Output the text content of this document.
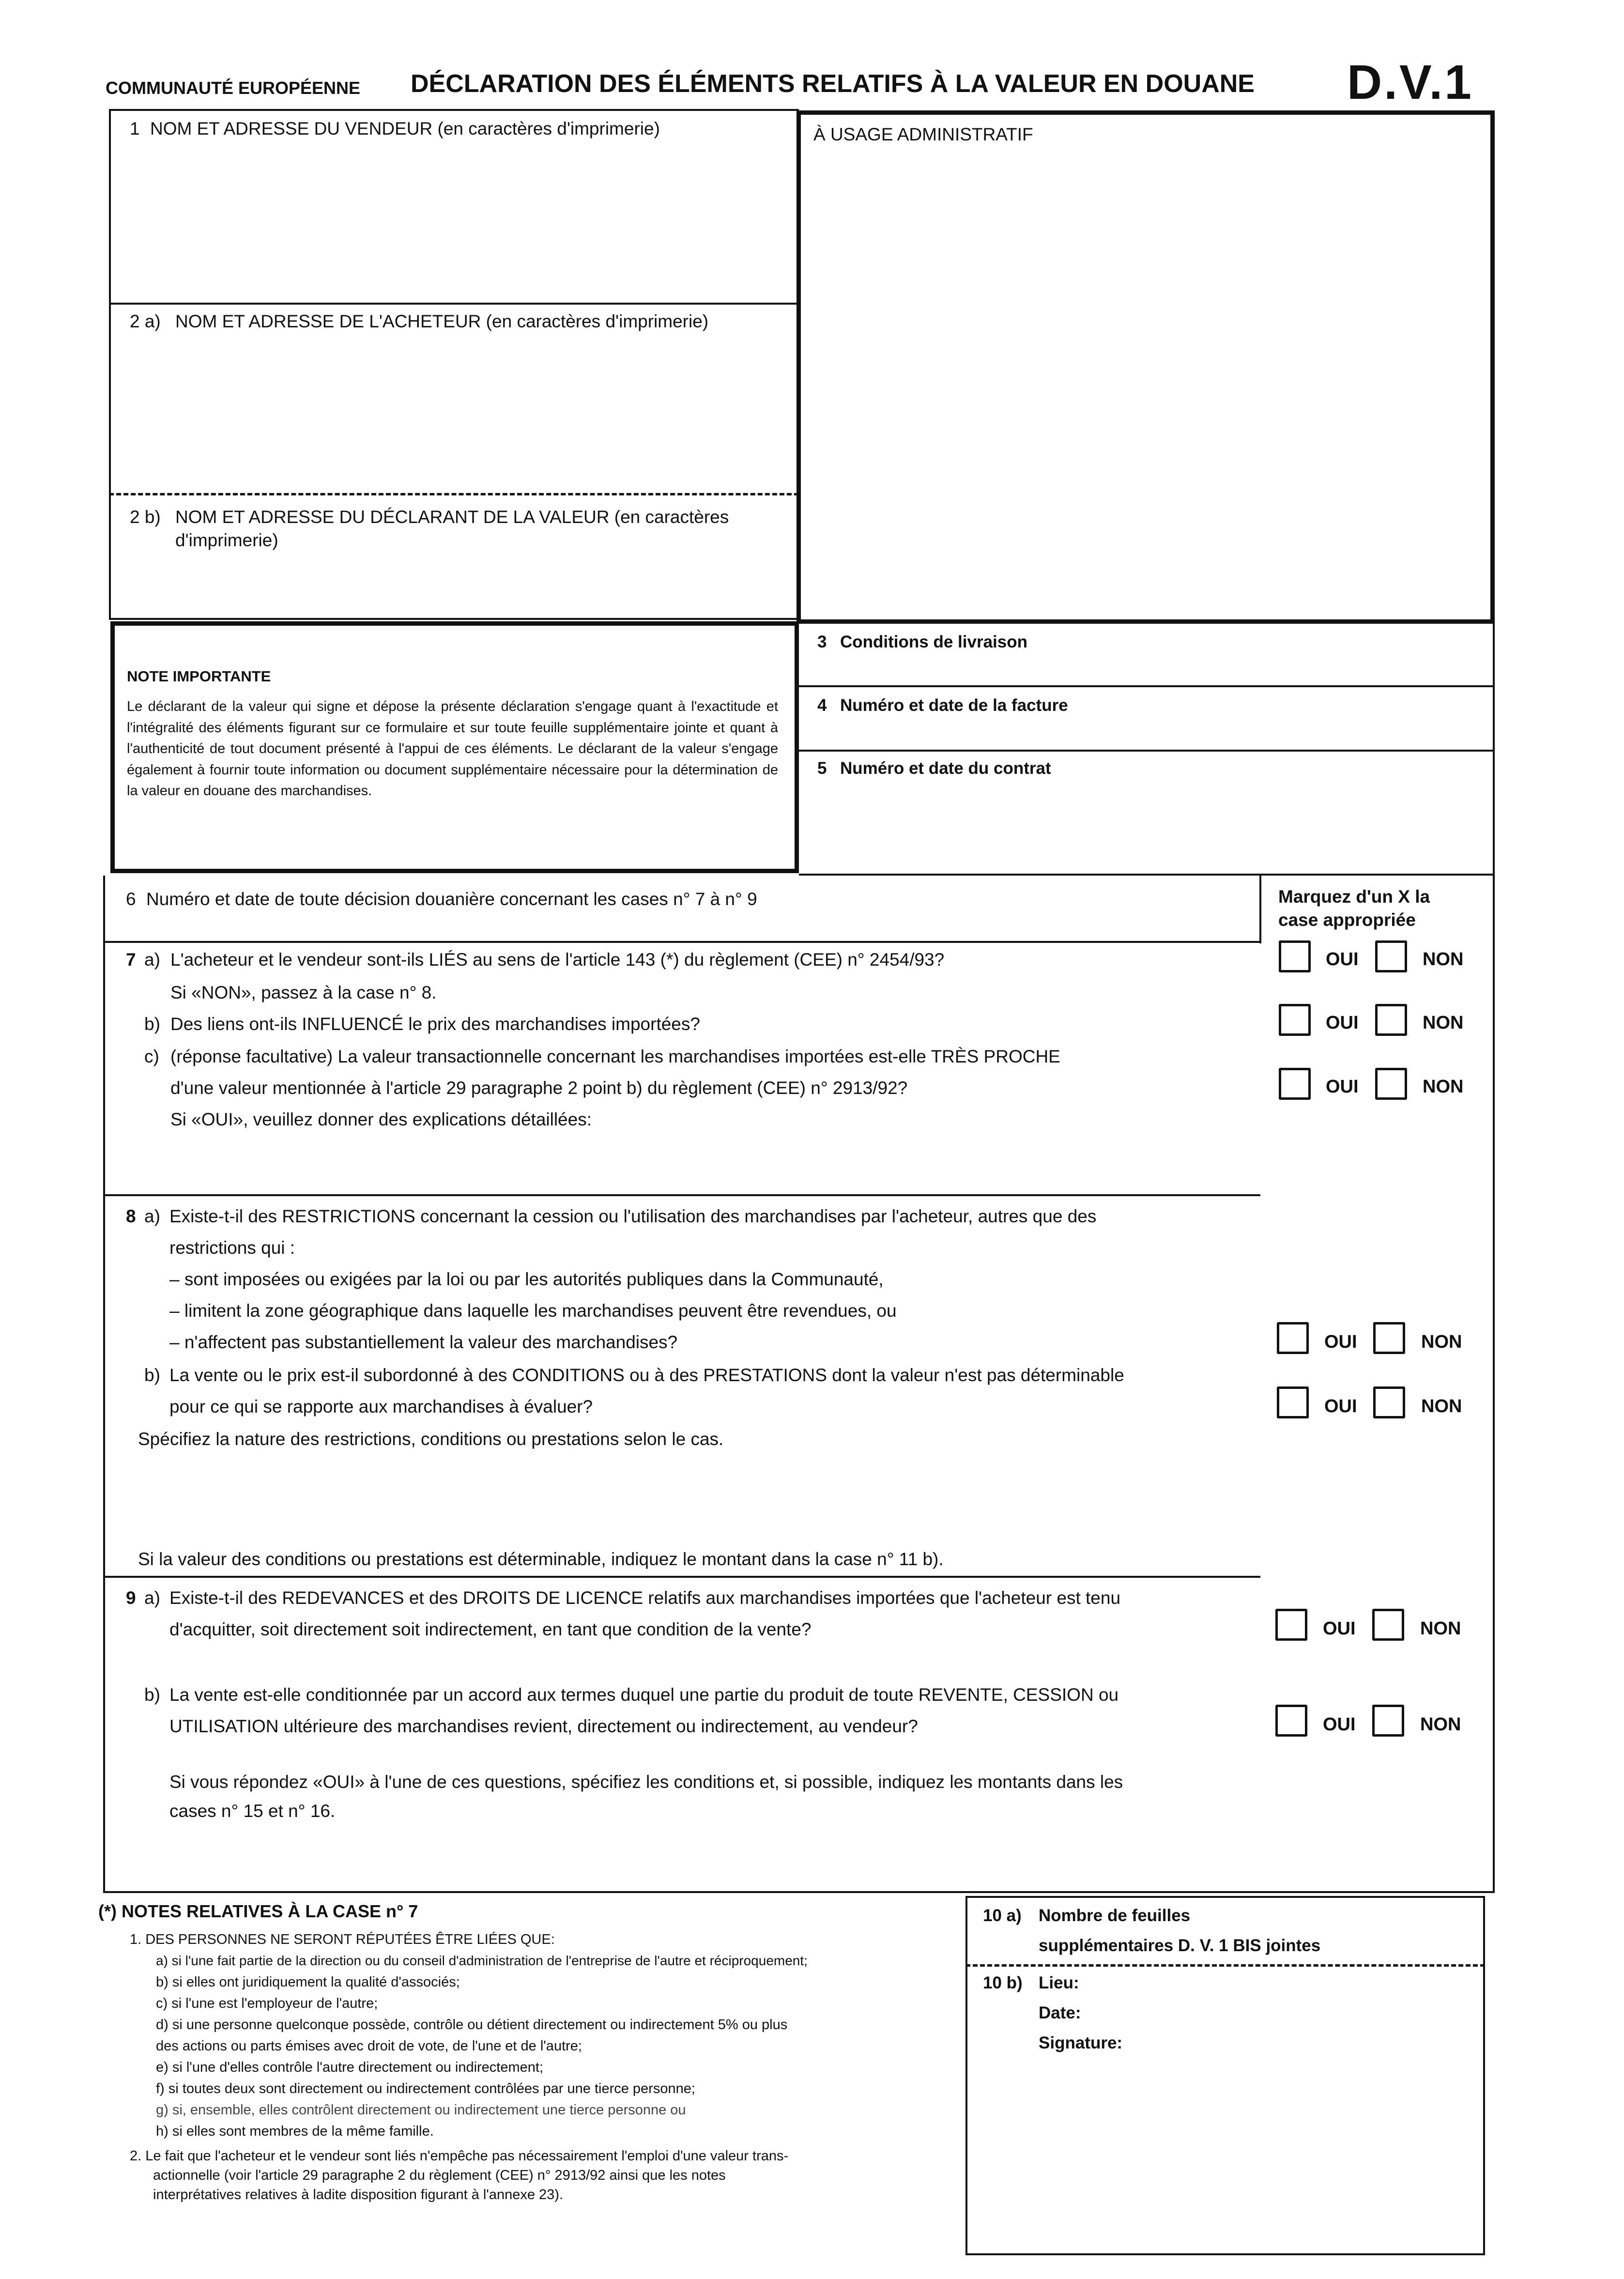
COMMUNAUTÉ EUROPÉENNE DÉCLARATION DES ÉLÉMENTS RELATIFS À LA VALEUR EN DOUANE D.V.1
1 NOM ET ADRESSE DU VENDEUR (en caractères d'imprimerie)	À USAGE ADMINISTRATIF
2 a) NOM ET ADRESSE DE L'ACHETEUR (en caractères d'imprimerie)
2 b) NOM ET ADRESSE DU DÉCLARANT DE LA VALEUR (en caractères
d'imprimerie)
NOTE IMPORTANTE
Le déclarant de la valeur qui signe et dépose la présente déclaration s'engage quant à l'exactitude et l'intégralité des éléments figurant sur ce formulaire et sur toute feuille supplémentaire jointe et quant à l'authenticité de tout document présenté à l'appui de ces éléments. Le déclarant de la valeur s'engage également à fournir toute information ou document supplémentaire nécessaire pour la détermination de la valeur en douane des marchandises.
3 Conditions de livraison
4 Numéro et date de la facture
5 Numéro et date du contrat
6 Numéro et date de toute décision douanière concernant les cases n° 7 à n° 9	Marquez d'un X la
case appropriée
7 a) L'acheteur et le vendeur sont-ils LIÉS au sens de l'article 143 (*) du règlement (CEE) n° 2454/93?
Si «NON», passez à la case n° 8.
b) Des liens ont-ils INFLUENCÉ le prix des marchandises importées?
c) (réponse facultative) La valeur transactionnelle concernant les marchandises importées est-elle TRÈS PROCHE
d'une valeur mentionnée à l'article 29 paragraphe 2 point b) du règlement (CEE) n° 2913/92?
Si «OUI», veuillez donner des explications détaillées:
OUI	NON
OUI	NON
OUI	NON
8 a) Existe-t-il des RESTRICTIONS concernant la cession ou l'utilisation des marchandises par l'acheteur, autres que des
restrictions qui :
– sont imposées ou exigées par la loi ou par les autorités publiques dans la Communauté,
– limitent la zone géographique dans laquelle les marchandises peuvent être revendues, ou
– n'affectent pas substantiellement la valeur des marchandises?
b) La vente ou le prix est-il subordonné à des CONDITIONS ou à des PRESTATIONS dont la valeur n'est pas déterminable
pour ce qui se rapporte aux marchandises à évaluer?
Spécifiez la nature des restrictions, conditions ou prestations selon le cas.
Si la valeur des conditions ou prestations est déterminable, indiquez le montant dans la case n° 11 b).
OUI	NON
OUI	NON
9 a) Existe-t-il des REDEVANCES et des DROITS DE LICENCE relatifs aux marchandises importées que l'acheteur est tenu
d'acquitter, soit directement soit indirectement, en tant que condition de la vente?
b) La vente est-elle conditionnée par un accord aux termes duquel une partie du produit de toute REVENTE, CESSION ou
UTILISATION ultérieure des marchandises revient, directement ou indirectement, au vendeur?
Si vous répondez «OUI» à l'une de ces questions, spécifiez les conditions et, si possible, indiquez les montants dans les
cases n° 15 et n° 16.
OUI	NON
OUI	NON
(*) NOTES RELATIVES À LA CASE n° 7
1. DES PERSONNES NE SERONT RÉPUTÉES ÊTRE LIÉES QUE:
a) si l'une fait partie de la direction ou du conseil d'administration de l'entreprise de l'autre et réciproquement;
b) si elles ont juridiquement la qualité d'associés;
c) si l'une est l'employeur de l'autre;
d) si une personne quelconque possède, contrôle ou détient directement ou indirectement 5% ou plus
des actions ou parts émises avec droit de vote, de l'une et de l'autre;
e) si l'une d'elles contrôle l'autre directement ou indirectement;
f) si toutes deux sont directement ou indirectement contrôlées par une tierce personne;
g) si, ensemble, elles contrôlent directement ou indirectement une tierce personne ou
h) si elles sont membres de la même famille.
2. Le fait que l'acheteur et le vendeur sont liés n'empêche pas nécessairement l'emploi d'une valeur trans-
actionnelle (voir l'article 29 paragraphe 2 du règlement (CEE) n° 2913/92 ainsi que les notes
interprétatives relatives à ladite disposition figurant à l'annexe 23).
10 a) Nombre de feuilles
supplémentaires D. V. 1 BIS jointes
10 b) Lieu:
Date:
Signature:
